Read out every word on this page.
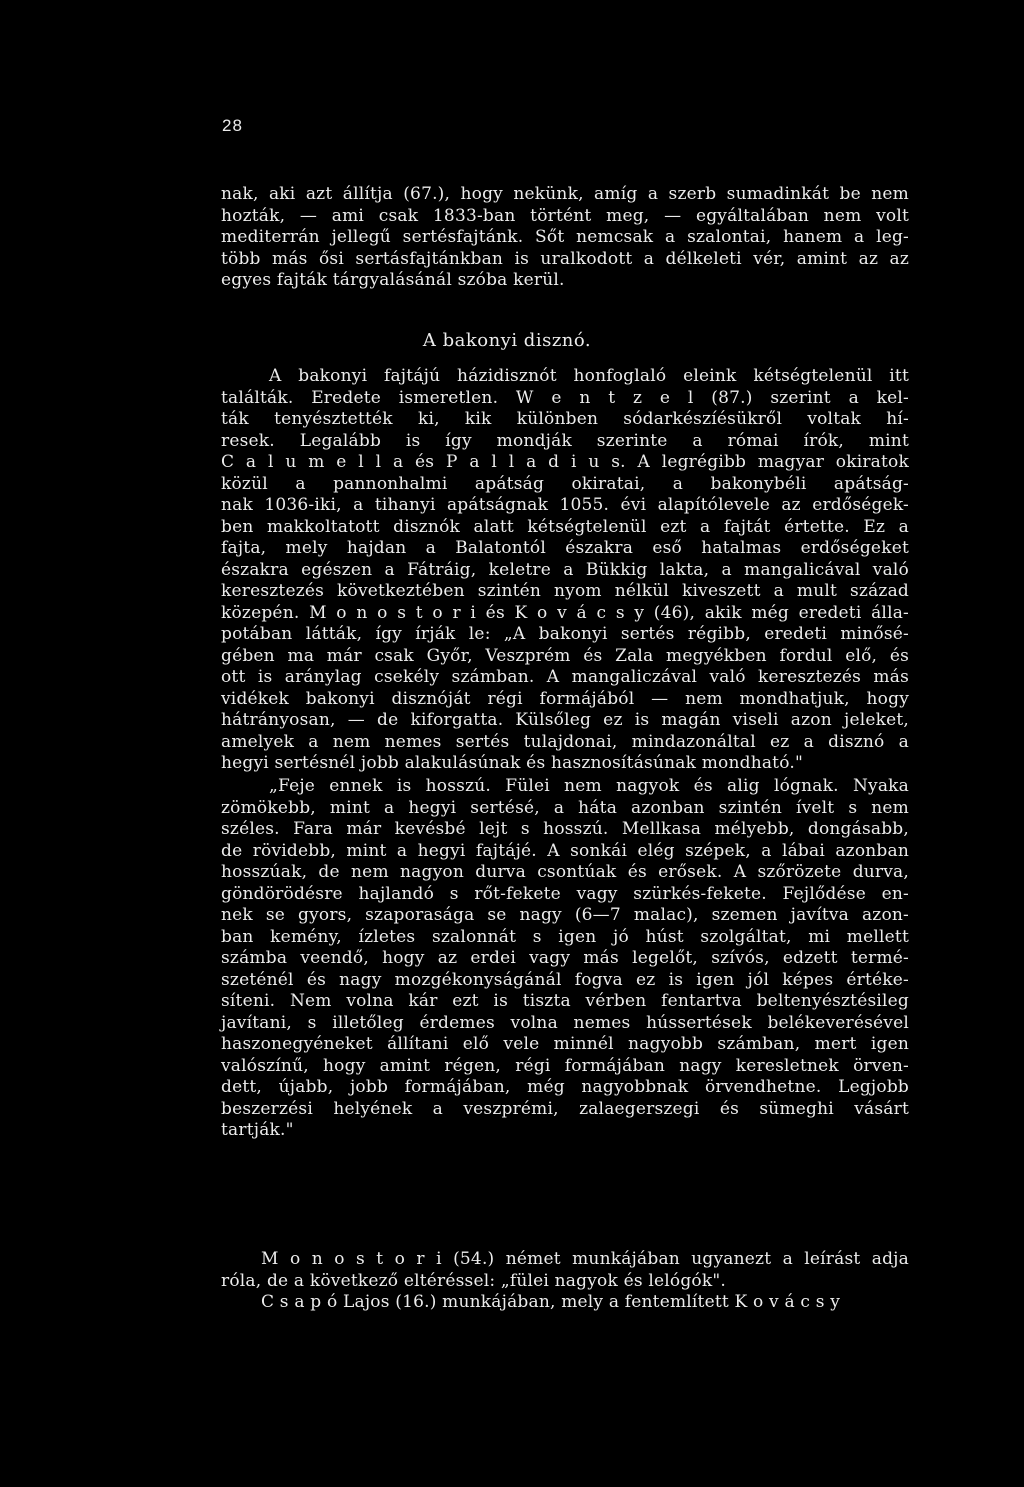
28
nak, aki azt állítja (67.), hogy nekünk, amíg a szerb sumadinkát be nem
hozták, — ami csak 1833-ban történt meg, — egyáltalában nem volt
mediterrán jellegű sertésfajtánk. Sőt nemcsak a szalontai, hanem a leg-
több más ősi sertásfajtánkban is uralkodott a délkeleti vér, amint az az
egyes fajták tárgyalásánál szóba kerül.
A bakonyi disznó.
A bakonyi fajtájú házidisznót honfoglaló eleink kétségtelenül itt
találták. Eredete ismeretlen. W e n t z e l (87.) szerint a kel-
ták tenyésztették ki, kik különben sódarkészíésükről voltak hí-
resek. Legalább is így mondják szerinte a római írók, mint
C a l u m e l l a és P a l l a d i u s. A legrégibb magyar okiratok
közül a pannonhalmi apátság okiratai, a bakonybéli apátság-
nak 1036-iki, a tihanyi apátságnak 1055. évi alapítólevele az erdőségek-
ben makkoltatott disznók alatt kétségtelenül ezt a fajtát értette. Ez a
fajta, mely hajdan a Balatontól északra eső hatalmas erdőségeket
északra egészen a Fátráig, keletre a Bükkig lakta, a mangalicával való
keresztezés következtében szintén nyom nélkül kiveszett a mult század
közepén. M o n o s t o r i és K o v á c s y (46), akik még eredeti álla-
potában látták, így írják le: „A bakonyi sertés régibb, eredeti minősé-
gében ma már csak Győr, Veszprém és Zala megyékben fordul elő, és
ott is aránylag csekély számban. A mangaliczával való keresztezés más
vidékek bakonyi disznóját régi formájából — nem mondhatjuk, hogy
hátrányosan, — de kiforgatta. Külsőleg ez is magán viseli azon jeleket,
amelyek a nem nemes sertés tulajdonai, mindazonáltal ez a disznó a
hegyi sertésnél jobb alakulásúnak és hasznosításúnak mondható."
„Feje ennek is hosszú. Fülei nem nagyok és alig lógnak. Nyaka
zömökebb, mint a hegyi sertésé, a háta azonban szintén ívelt s nem
széles. Fara már kevésbé lejt s hosszú. Mellkasa mélyebb, dongásabb,
de rövidebb, mint a hegyi fajtájé. A sonkái elég szépek, a lábai azonban
hosszúak, de nem nagyon durva csontúak és erősek. A szőrözete durva,
göndörödésre hajlandó s rőt-fekete vagy szürkés-fekete. Fejlődése en-
nek se gyors, szaporasága se nagy (6—7 malac), szemen javítva azon-
ban kemény, ízletes szalonnát s igen jó húst szolgáltat, mi mellett
számba veendő, hogy az erdei vagy más legelőt, szívós, edzett termé-
szeténél és nagy mozgékonyságánál fogva ez is igen jól képes értéke-
síteni. Nem volna kár ezt is tiszta vérben fentartva beltenyésztésileg
javítani, s illetőleg érdemes volna nemes hússertések belékeverésével
haszonegyéneket állítani elő vele minnél nagyobb számban, mert igen
valószínű, hogy amint régen, régi formájában nagy keresletnek örven-
dett, újabb, jobb formájában, még nagyobbnak örvendhetne. Legjobb
beszerzési helyének a veszprémi, zalaegerszegi és sümeghi vásárt
tartják."
M o n o s t o r i (54.) német munkájában ugyanezt a leírást adja
róla, de a következő eltéréssel: „fülei nagyok és lelógók".
C s a p ó Lajos (16.) munkájában, mely a fentemlített K o v á c s y
